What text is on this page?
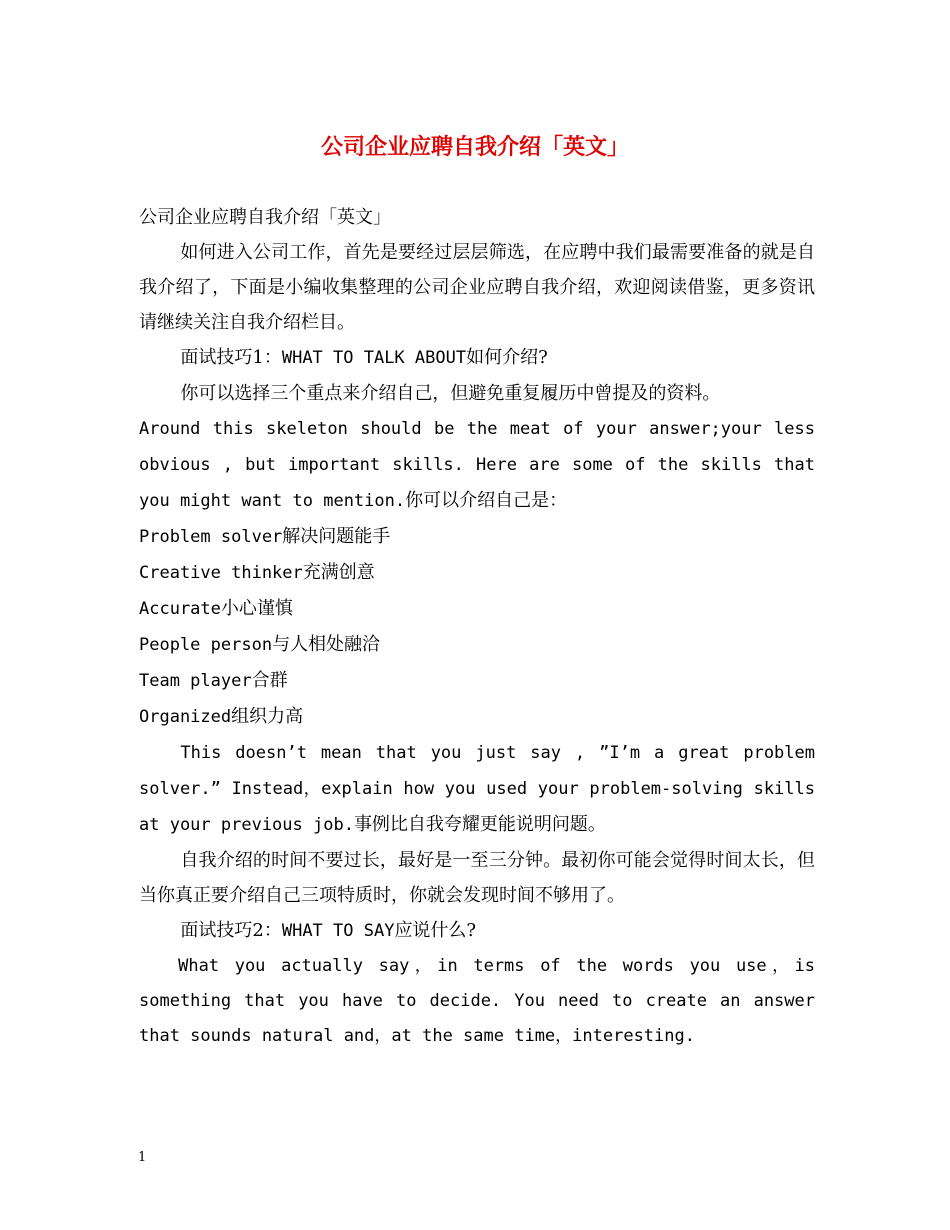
公司企业应聘自我介绍「英文」

公司企业应聘自我介绍「英文」

如何进入公司工作，首先是要经过层层筛选，在应聘中我们最需要准备的就是自我介绍了，下面是小编收集整理的公司企业应聘自我介绍，欢迎阅读借鉴，更多资讯请继续关注自我介绍栏目。

面试技巧1：WHAT TO TALK ABOUT如何介绍?

你可以选择三个重点来介绍自己，但避免重复履历中曾提及的资料。

Around this skeleton should be the meat of your answer;your less obvious , but important skills. Here are some of the skills that you might want to mention.你可以介绍自己是：

Problem solver解决问题能手

Creative thinker充满创意

Accurate小心谨慎

People person与人相处融洽

Team player合群

Organized组织力高

This doesn’t mean that you just say , ”I’m a great problem solver.” Instead，explain how you used your problem-solving skills at your previous job.事例比自我夸耀更能说明问题。

自我介绍的时间不要过长，最好是一至三分钟。最初你可能会觉得时间太长，但当你真正要介绍自己三项特质时，你就会发现时间不够用了。

面试技巧2：WHAT TO SAY应说什么?

What you actually say，in terms of the words you use，is something that you have to decide. You need to create an answer that sounds natural and，at the same time，interesting.

1
